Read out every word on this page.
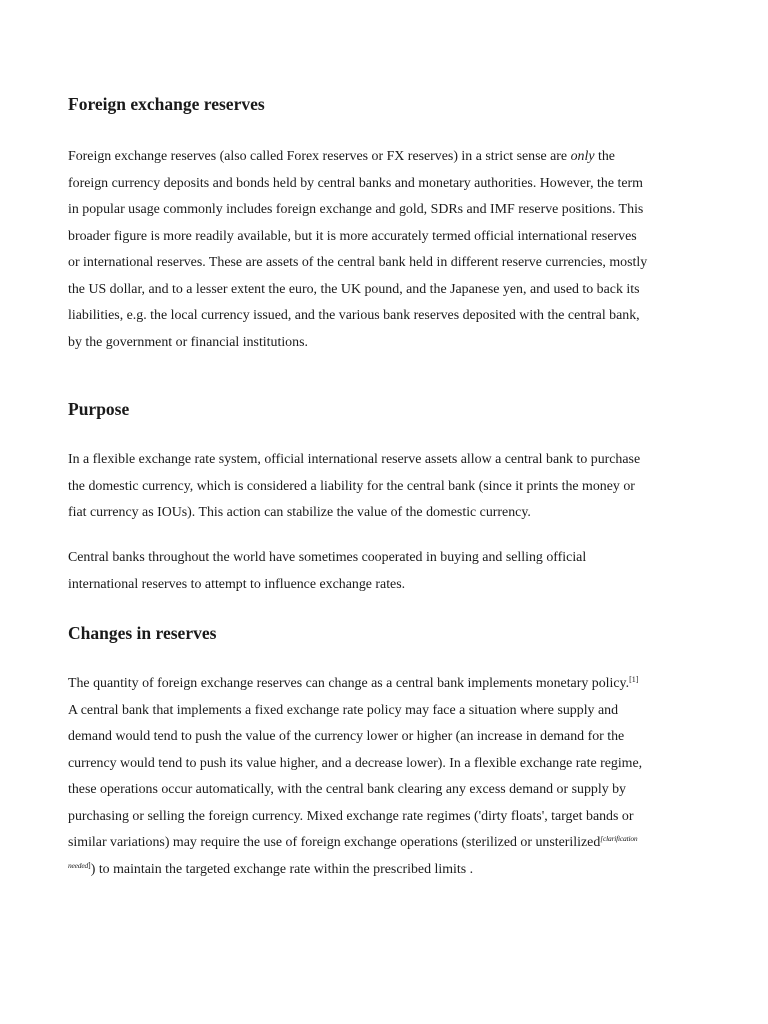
Foreign exchange reserves

Foreign exchange reserves (also called Forex reserves or FX reserves) in a strict sense are only the
foreign currency deposits and bonds held by central banks and monetary authorities. However, the term
in popular usage commonly includes foreign exchange and gold, SDRs and IMF reserve positions. This
broader figure is more readily available, but it is more accurately termed official international reserves
or international reserves. These are assets of the central bank held in different reserve currencies, mostly
the US dollar, and to a lesser extent the euro, the UK pound, and the Japanese yen, and used to back its
liabilities, e.g. the local currency issued, and the various bank reserves deposited with the central bank,
by the government or financial institutions.

Purpose

In a flexible exchange rate system, official international reserve assets allow a central bank to purchase
the domestic currency, which is considered a liability for the central bank (since it prints the money or
fiat currency as IOUs). This action can stabilize the value of the domestic currency.

Central banks throughout the world have sometimes cooperated in buying and selling official
international reserves to attempt to influence exchange rates.

Changes in reserves

The quantity of foreign exchange reserves can change as a central bank implements monetary policy.[1]
A central bank that implements a fixed exchange rate policy may face a situation where supply and
demand would tend to push the value of the currency lower or higher (an increase in demand for the
currency would tend to push its value higher, and a decrease lower). In a flexible exchange rate regime,
these operations occur automatically, with the central bank clearing any excess demand or supply by
purchasing or selling the foreign currency. Mixed exchange rate regimes ('dirty floats', target bands or
similar variations) may require the use of foreign exchange operations (sterilized or unsterilized$^{[clarification}$
$^{needed]}$) to maintain the targeted exchange rate within the prescribed limits .
